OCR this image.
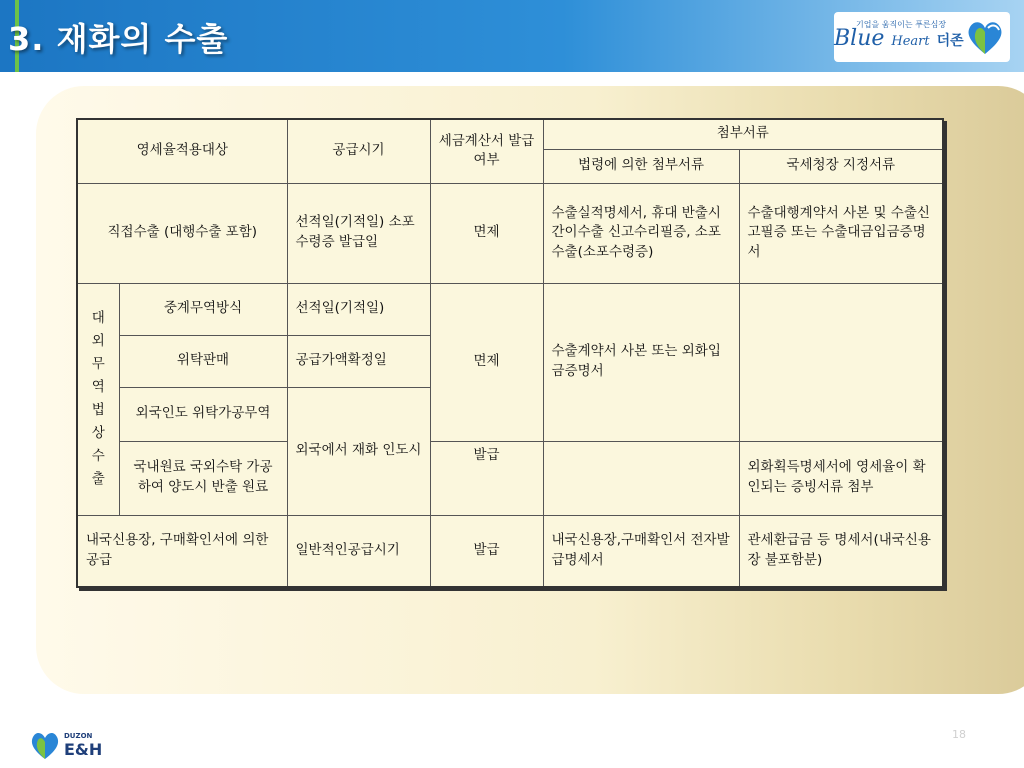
3. 재화의 수출	기업을 움직이는 푸른심장
Blue Heart 더존
영세율적용대상		공급시기	세금계산서 발급여부	첨부서류	
				법령에 의한 첨부서류	국세청장 지정서류
직접수출 (대행수출 포함)		선적일(기적일) 소포수령증 발급일	면제	수출실적명세서, 휴대 반출시 간이수출 신고수리필증, 소포수출(소포수령증)	수출대행계약서 사본 및 수출신고필증 또는 수출대금입금증명서
대외무역법상수출	중계무역방식	선적일(기적일)	면제	수출계약서 사본 또는 외화입금증명서	
	위탁판매	공급가액확정일			
	외국인도 위탁가공무역	외국에서 재화 인도시			
	국내원료 국외수탁 가공하여 양도시 반출 원료		발급		외화획득명세서에 영세율이 확인되는 증빙서류 첨부
내국신용장, 구매확인서에 의한 공급		일반적인공급시기	발급	내국신용장,구매확인서 전자발급명세서	관세환급금 등 명세서(내국신용장 불포함분)
DUZON
E&H
18
